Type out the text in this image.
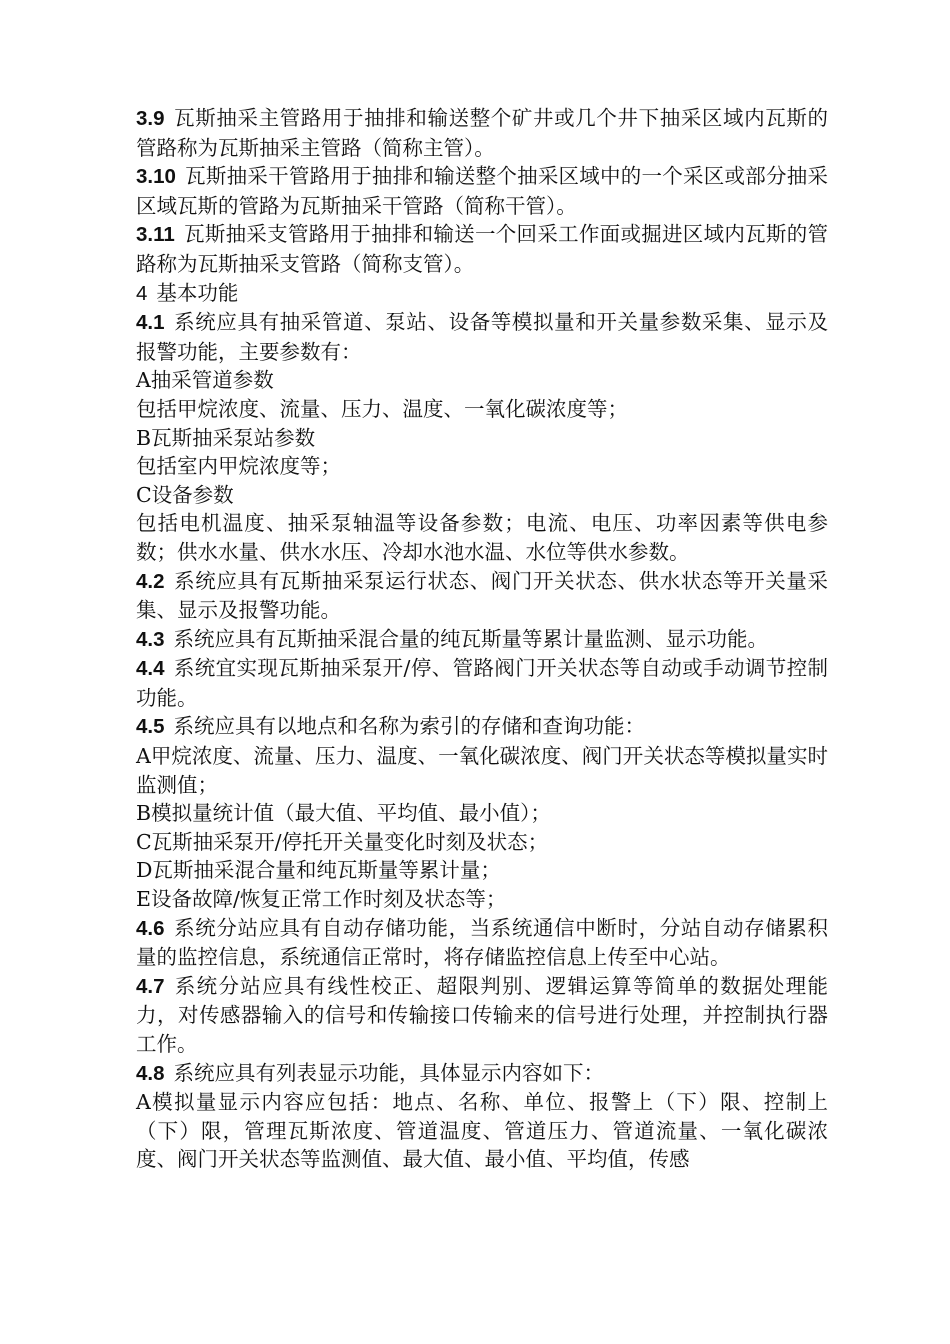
3.9 瓦斯抽采主管路用于抽排和输送整个矿井或几个井下抽采区域内瓦斯的管路称为瓦斯抽采主管路（简称主管）。

3.10 瓦斯抽采干管路用于抽排和输送整个抽采区域中的一个采区或部分抽采区域瓦斯的管路为瓦斯抽采干管路（简称干管）。

3.11 瓦斯抽采支管路用于抽排和输送一个回采工作面或掘进区域内瓦斯的管路称为瓦斯抽采支管路（简称支管）。

4 基本功能

4.1 系统应具有抽采管道、泵站、设备等模拟量和开关量参数采集、显示及报警功能，主要参数有：

A抽采管道参数

包括甲烷浓度、流量、压力、温度、一氧化碳浓度等；

B瓦斯抽采泵站参数

包括室内甲烷浓度等；

C设备参数

包括电机温度、抽采泵轴温等设备参数；电流、电压、功率因素等供电参数；供水水量、供水水压、冷却水池水温、水位等供水参数。

4.2 系统应具有瓦斯抽采泵运行状态、阀门开关状态、供水状态等开关量采集、显示及报警功能。

4.3 系统应具有瓦斯抽采混合量的纯瓦斯量等累计量监测、显示功能。

4.4 系统宜实现瓦斯抽采泵开/停、管路阀门开关状态等自动或手动调节控制功能。

4.5 系统应具有以地点和名称为索引的存储和查询功能：

A甲烷浓度、流量、压力、温度、一氧化碳浓度、阀门开关状态等模拟量实时监测值；

B模拟量统计值（最大值、平均值、最小值）；

C瓦斯抽采泵开/停托开关量变化时刻及状态；

D瓦斯抽采混合量和纯瓦斯量等累计量；

E设备故障/恢复正常工作时刻及状态等；

4.6 系统分站应具有自动存储功能，当系统通信中断时，分站自动存储累积量的监控信息，系统通信正常时，将存储监控信息上传至中心站。

4.7 系统分站应具有线性校正、超限判别、逻辑运算等简单的数据处理能力，对传感器输入的信号和传输接口传输来的信号进行处理，并控制执行器工作。

4.8 系统应具有列表显示功能，具体显示内容如下：

A模拟量显示内容应包括：地点、名称、单位、报警上（下）限、控制上（下）限，管理瓦斯浓度、管道温度、管道压力、管道流量、一氧化碳浓度、阀门开关状态等监测值、最大值、最小值、平均值，传感
